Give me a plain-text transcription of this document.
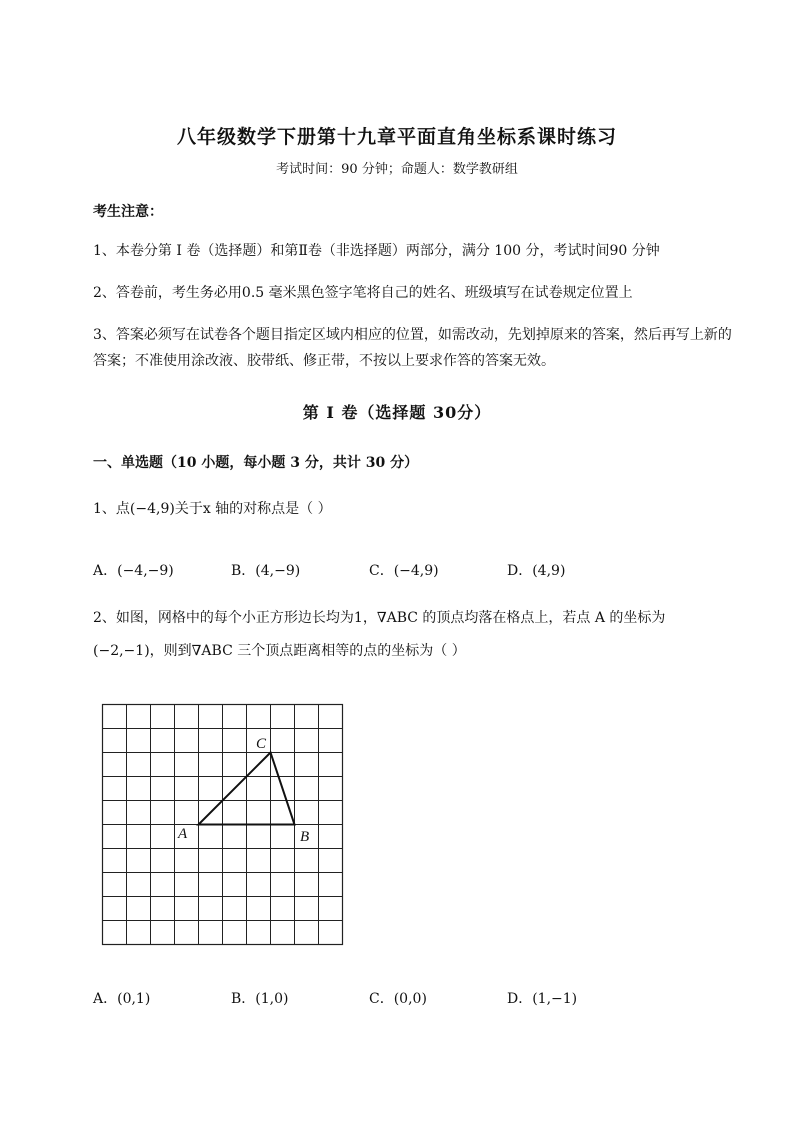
八年级数学下册第十九章平面直角坐标系课时练习
考试时间：90 分钟；命题人：数学教研组
考生注意：
1、本卷分第 I 卷（选择题）和第Ⅱ卷（非选择题）两部分，满分 100 分，考试时间90 分钟
2、答卷前，考生务必用0.5 毫米黑色签字笔将自己的姓名、班级填写在试卷规定位置上
3、答案必须写在试卷各个题目指定区域内相应的位置，如需改动，先划掉原来的答案，然后再写上新的答案；不准使用涂改液、胶带纸、修正带，不按以上要求作答的答案无效。
第 I 卷（选择题 30分）
一、单选题（10 小题，每小题 3 分，共计 30 分）
1、点(−4,9)关于x 轴的对称点是（ ）
A．(−4,−9)	B．(4,−9)	C．(−4,9)	D．(4,9)
2、如图，网格中的每个小正方形边长均为1，∇ABC 的顶点均落在格点上，若点 A 的坐标为
(−2,−1)，则到∇ABC 三个顶点距离相等的点的坐标为（ ）
A	B
C
A．(0,1)	B．(1,0)	C．(0,0)	D．(1,−1)
